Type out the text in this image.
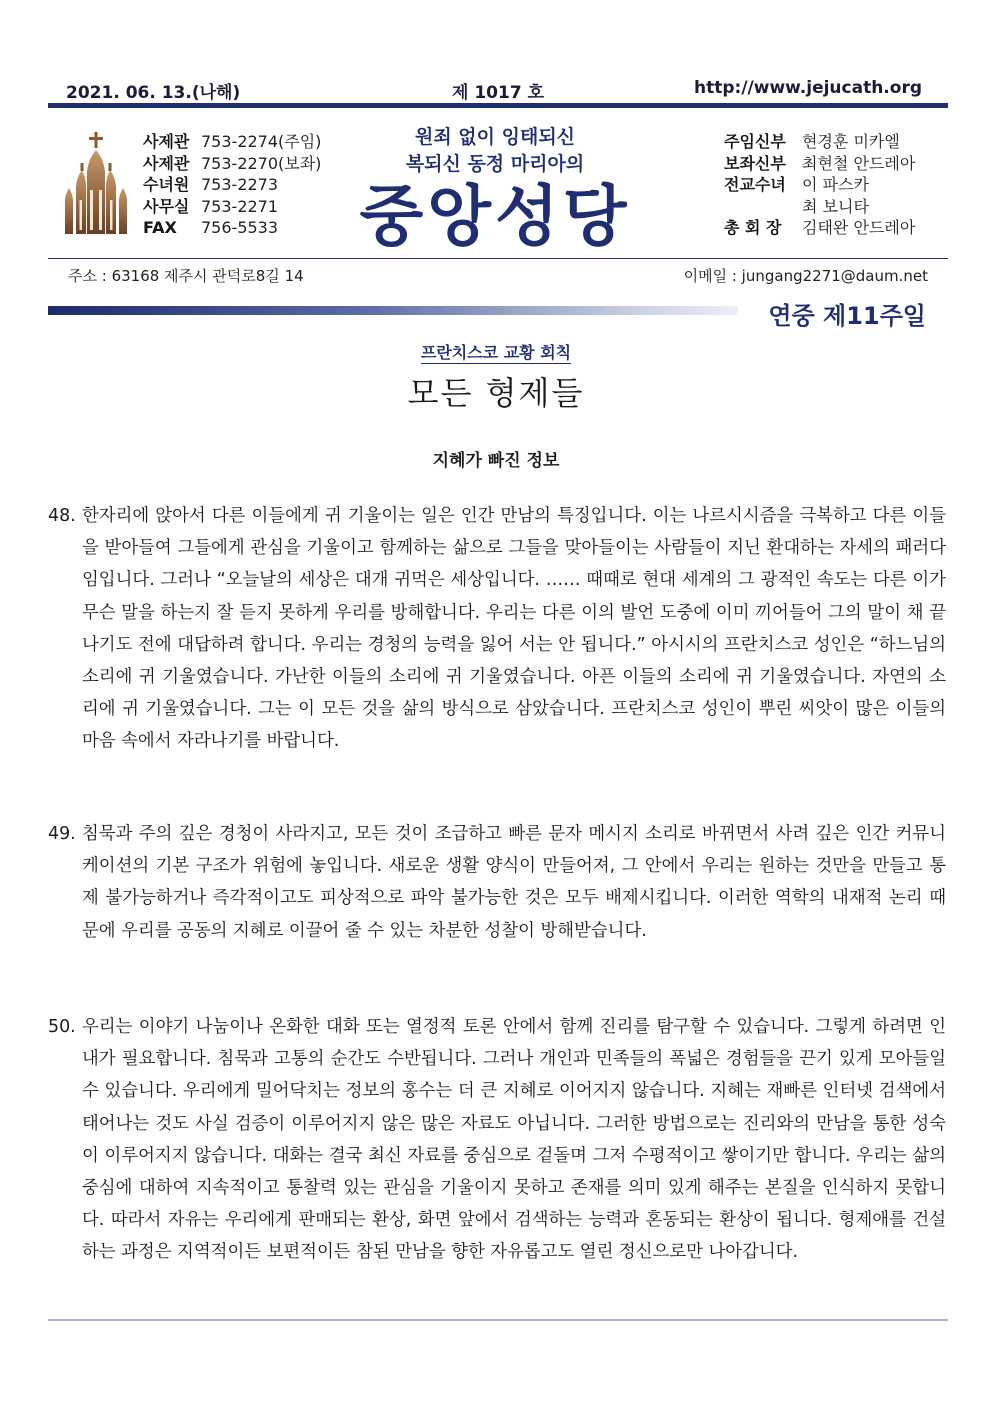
제 1017 호
2021. 06. 13.(나해)	http://www.jejucath.org
사제관 753-2274(주임)
사제관 753-2270(보좌)
수녀원 753-2273
사무실 753-2271
FAX 756-5533
원죄 없이 잉태되신
복되신 동정 마리아의
중앙성당
주임신부 현경훈 미카엘
보좌신부 최현철 안드레아
전교수녀 이 파스카
최 보니타
총 회 장 김태완 안드레아
주소 : 63168 제주시 관덕로8길 14	이메일 : jungang2271@daum.net
연중 제11주일
프란치스코 교황 회칙
모든 형제들
지혜가 빠진 정보
48. 한자리에 앉아서 다른 이들에게 귀 기울이는 일은 인간 만남의 특징입니다. 이는 나르시시즘을 극복하고 다른 이들을 받아들여 그들에게 관심을 기울이고 함께하는 삶으로 그들을 맞아들이는 사람들이 지닌 환대하는 자세의 패러다임입니다. 그러나 “오늘날의 세상은 대개 귀먹은 세상입니다. …… 때때로 현대 세계의 그 광적인 속도는 다른 이가 무슨 말을 하는지 잘 듣지 못하게 우리를 방해합니다. 우리는 다른 이의 발언 도중에 이미 끼어들어 그의 말이 채 끝나기도 전에 대답하려 합니다. 우리는 경청의 능력을 잃어 서는 안 됩니다.” 아시시의 프란치스코 성인은 “하느님의 소리에 귀 기울였습니다. 가난한 이들의 소리에 귀 기울였습니다. 아픈 이들의 소리에 귀 기울였습니다. 자연의 소리에 귀 기울였습니다. 그는 이 모든 것을 삶의 방식으로 삼았습니다. 프란치스코 성인이 뿌린 씨앗이 많은 이들의 마음 속에서 자라나기를 바랍니다.
49. 침묵과 주의 깊은 경청이 사라지고, 모든 것이 조급하고 빠른 문자 메시지 소리로 바뀌면서 사려 깊은 인간 커뮤니케이션의 기본 구조가 위험에 놓입니다. 새로운 생활 양식이 만들어져, 그 안에서 우리는 원하는 것만을 만들고 통제 불가능하거나 즉각적이고도 피상적으로 파악 불가능한 것은 모두 배제시킵니다. 이러한 역학의 내재적 논리 때문에 우리를 공동의 지혜로 이끌어 줄 수 있는 차분한 성찰이 방해받습니다.
50. 우리는 이야기 나눔이나 온화한 대화 또는 열정적 토론 안에서 함께 진리를 탐구할 수 있습니다. 그렇게 하려면 인내가 필요합니다. 침묵과 고통의 순간도 수반됩니다. 그러나 개인과 민족들의 폭넓은 경험들을 끈기 있게 모아들일 수 있습니다. 우리에게 밀어닥치는 정보의 홍수는 더 큰 지혜로 이어지지 않습니다. 지혜는 재빠른 인터넷 검색에서 태어나는 것도 사실 검증이 이루어지지 않은 많은 자료도 아닙니다. 그러한 방법으로는 진리와의 만남을 통한 성숙이 이루어지지 않습니다. 대화는 결국 최신 자료를 중심으로 겉돌며 그저 수평적이고 쌓이기만 합니다. 우리는 삶의 중심에 대하여 지속적이고 통찰력 있는 관심을 기울이지 못하고 존재를 의미 있게 해주는 본질을 인식하지 못합니다. 따라서 자유는 우리에게 판매되는 환상, 화면 앞에서 검색하는 능력과 혼동되는 환상이 됩니다. 형제애를 건설하는 과정은 지역적이든 보편적이든 참된 만남을 향한 자유롭고도 열린 정신으로만 나아갑니다.
